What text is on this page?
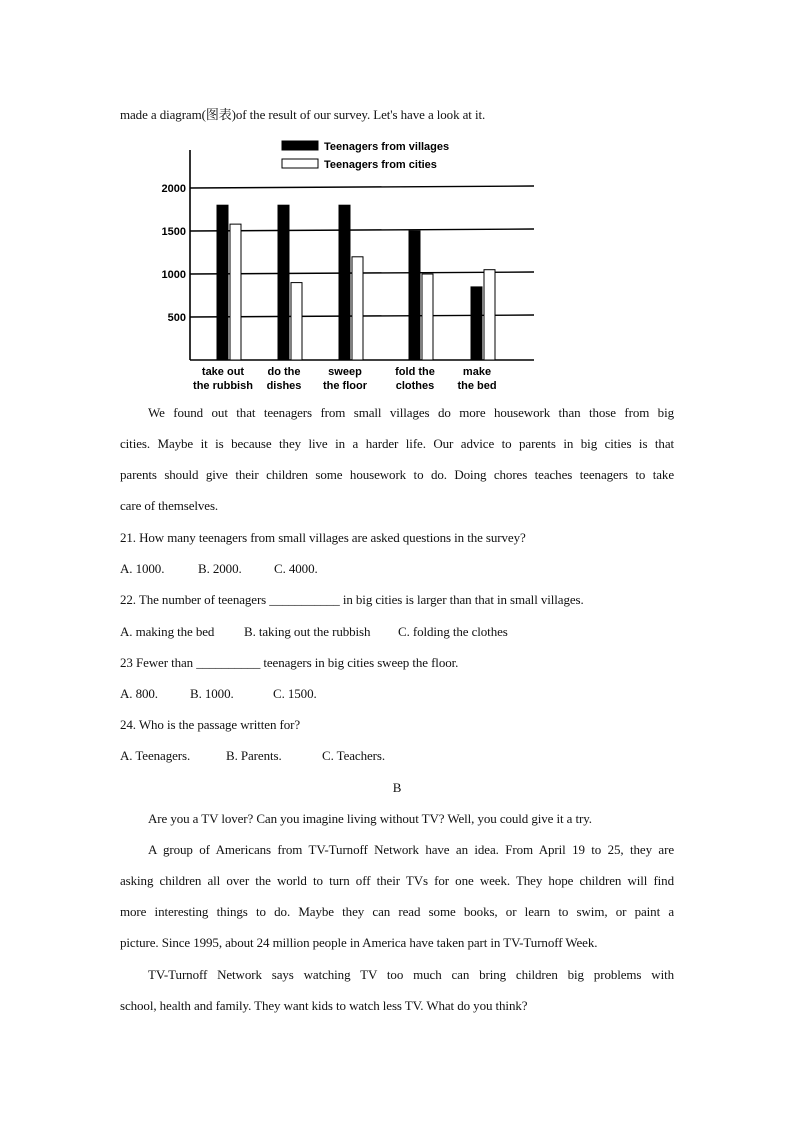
made a diagram(图表)of the result of our survey. Let's have a look at it.
500
1000
1500
2000
Teenagers from villages
Teenagers from cities
take out
the rubbish
do the
dishes
sweep
the floor
fold the
clothes
make
the bed
We found out that teenagers from small villages do more housework than those from big
cities. Maybe it is because they live in a harder life. Our advice to parents in big cities is that
parents should give their children some housework to do. Doing chores teaches teenagers to take
care of themselves.
21. How many teenagers from small villages are asked questions in the survey?
A. 1000.	B. 2000. C. 4000.
22. The number of teenagers ___________ in big cities is larger than that in small villages.
A. making the bed B. taking out the rubbish C. folding the clothes
23 Fewer than __________ teenagers in big cities sweep the floor.
A. 800. B. 1000.	C. 1500.
24. Who is the passage written for?
A. Teenagers.	B. Parents.	C. Teachers.
B
Are you a TV lover? Can you imagine living without TV? Well, you could give it a try.
A group of Americans from TV-Turnoff Network have an idea. From April 19 to 25, they are
asking children all over the world to turn off their TVs for one week. They hope children will find
more interesting things to do. Maybe they can read some books, or learn to swim, or paint a
picture. Since 1995, about 24 million people in America have taken part in TV-Turnoff Week.
TV-Turnoff Network says watching TV too much can bring children big problems with
school, health and family. They want kids to watch less TV. What do you think?
